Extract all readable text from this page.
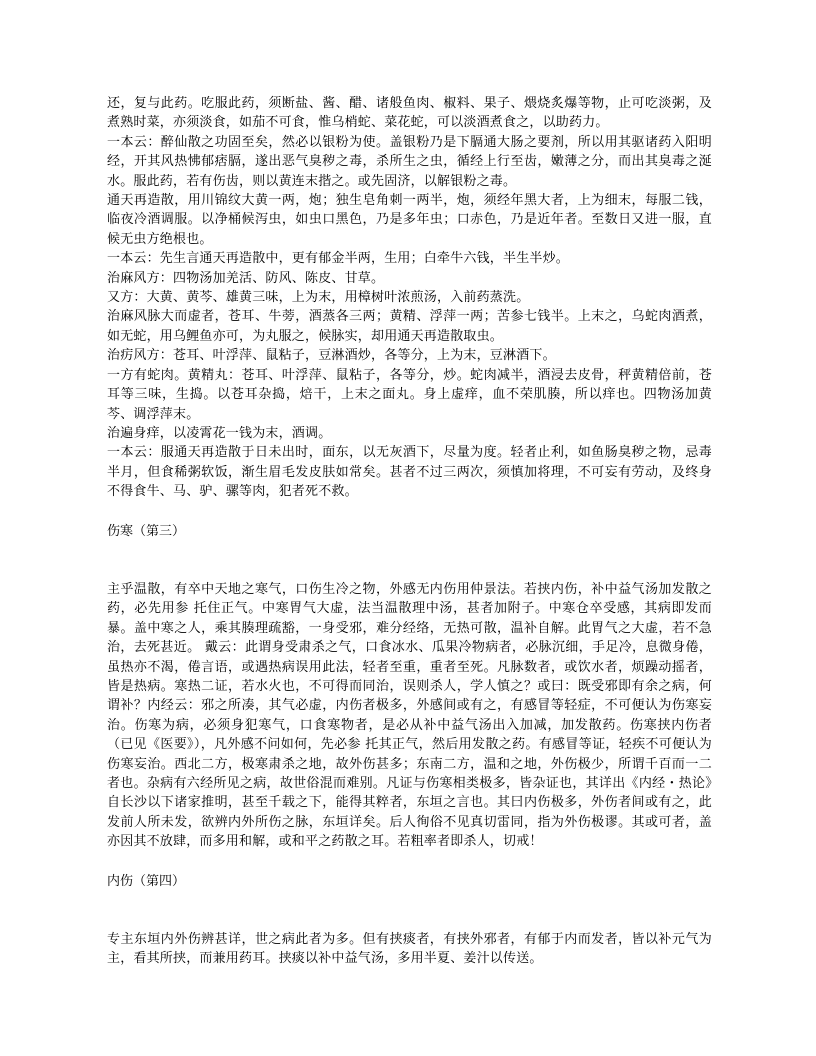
还，复与此药。吃服此药，须断盐、酱、醋、诸般鱼肉、椒料、果子、煨烧炙爆等物，止可吃淡粥，及煮熟时菜，亦须淡食，如茄不可食，惟乌梢蛇、菜花蛇，可以淡酒煮食之，以助药力。

一本云：醉仙散之功固至矣，然必以银粉为使。盖银粉乃是下膈通大肠之要剂，所以用其驱诸药入阳明经，开其风热怫郁痞膈，遂出恶气臭秽之毒，杀所生之虫，循经上行至齿，嫩薄之分，而出其臭毒之涎水。服此药，若有伤齿，则以黄连末揩之。或先固济，以解银粉之毒。

通天再造散，用川锦纹大黄一两，炮；独生皂角刺一两半，炮，须经年黑大者，上为细末，每服二钱，临夜冷酒调服。以净桶候泻虫，如虫口黑色，乃是多年虫；口赤色，乃是近年者。至数日又进一服，直候无虫方绝根也。

一本云：先生言通天再造散中，更有郁金半两，生用；白牵牛六钱，半生半炒。

治麻风方：四物汤加羌活、防风、陈皮、甘草。

又方：大黄、黄芩、雄黄三味，上为末，用樟树叶浓煎汤，入前药蒸洗。

治麻风脉大而虚者，苍耳、牛蒡，酒蒸各三两；黄精、浮萍一两；苦参七钱半。上末之，乌蛇肉酒煮，如无蛇，用乌鲤鱼亦可，为丸服之，候脉实，却用通天再造散取虫。

治疠风方：苍耳、叶浮萍、鼠粘子，豆淋酒炒，各等分，上为末，豆淋酒下。

一方有蛇肉。黄精丸：苍耳、叶浮萍、鼠粘子，各等分，炒。蛇肉减半，酒浸去皮骨，秤黄精倍前，苍耳等三味，生捣。以苍耳杂捣，焙干，上末之面丸。身上虚痒，血不荣肌腠，所以痒也。四物汤加黄芩、调浮萍末。

治遍身痒，以凌霄花一钱为末，酒调。

一本云：服通天再造散于日未出时，面东，以无灰酒下，尽量为度。轻者止利，如鱼肠臭秽之物，忌毒半月，但食稀粥软饭，渐生眉毛发皮肤如常矣。甚者不过三两次，须慎加将理，不可妄有劳动，及终身不得食牛、马、驴、骡等肉，犯者死不救。

伤寒（第三）

主乎温散，有卒中天地之寒气，口伤生冷之物，外感无内伤用仲景法。若挟内伤，补中益气汤加发散之药，必先用参 托住正气。中寒胃气大虚，法当温散理中汤，甚者加附子。中寒仓卒受感，其病即发而暴。盖中寒之人，乘其腠理疏豁，一身受邪，难分经络，无热可散，温补自解。此胃气之大虚，若不急治，去死甚近。 戴云：此谓身受肃杀之气，口食冰水、瓜果冷物病者，必脉沉细，手足冷，息微身倦，虽热亦不渴，倦言语，或遇热病误用此法，轻者至重，重者至死。凡脉数者，或饮水者，烦躁动摇者，皆是热病。寒热二证，若水火也，不可得而同治，误则杀人，学人慎之？或曰：既受邪即有余之病，何谓补？内经云：邪之所凑，其气必虚，内伤者极多，外感间或有之，有感冒等轻症，不可便认为伤寒妄治。伤寒为病，必须身犯寒气，口食寒物者，是必从补中益气汤出入加减，加发散药。伤寒挟内伤者（已见《医要》），凡外感不问如何，先必参 托其正气，然后用发散之药。有感冒等证，轻疾不可便认为伤寒妄治。西北二方，极寒肃杀之地，故外伤甚多；东南二方，温和之地，外伤极少，所谓千百而一二者也。杂病有六经所见之病，故世俗混而难别。凡证与伤寒相类极多，皆杂证也，其详出《内经・热论》自长沙以下诸家推明，甚至千载之下，能得其粹者，东垣之言也。其曰内伤极多，外伤者间或有之，此发前人所未发，欲辨内外所伤之脉，东垣详矣。后人徇俗不见真切雷同，指为外伤极谬。其或可者，盖亦因其不放肆，而多用和解，或和平之药散之耳。若粗率者即杀人，切戒！

内伤（第四）

专主东垣内外伤辨甚详，世之病此者为多。但有挟痰者，有挟外邪者，有郁于内而发者，皆以补元气为主，看其所挟，而兼用药耳。挟痰以补中益气汤，多用半夏、姜汁以传送。
